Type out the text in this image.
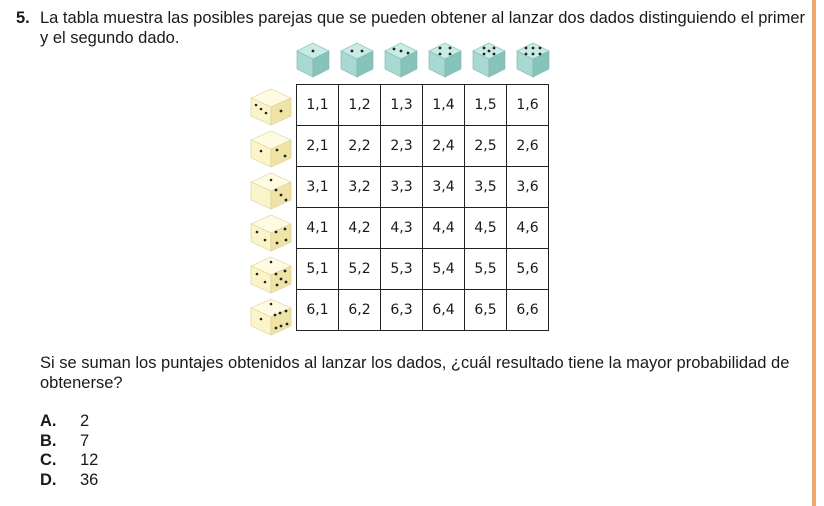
5. La tabla muestra las posibles parejas que se pueden obtener al lanzar dos dados distinguiendo el primer
y el segundo dado.
1,1	1,2	1,3	1,4	1,5	1,6
2,1	2,2	2,3	2,4	2,5	2,6
3,1	3,2	3,3	3,4	3,5	3,6
4,1	4,2	4,3	4,4	4,5	4,6
5,1	5,2	5,3	5,4	5,5	5,6
6,1	6,2	6,3	6,4	6,5	6,6
Si se suman los puntajes obtenidos al lanzar los dados, ¿cuál resultado tiene la mayor probabilidad de
obtenerse?
A. 2
B. 7
C. 12
D. 36
